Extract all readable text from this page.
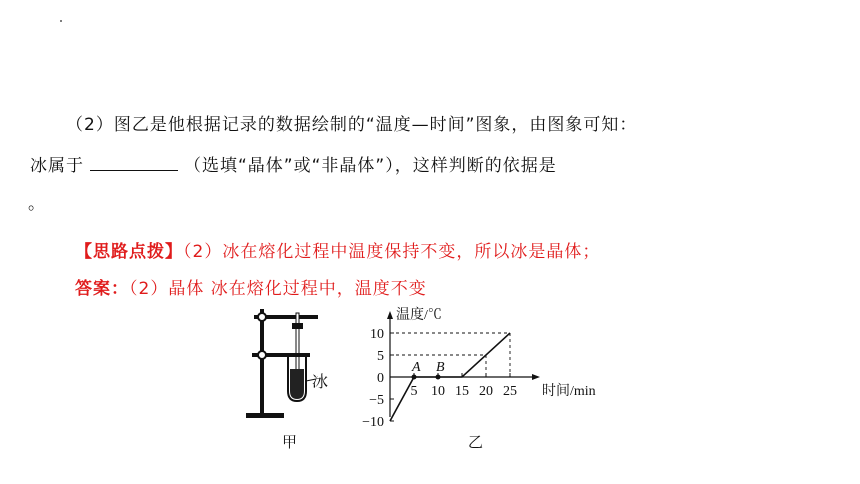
（2）图乙是他根据记录的数据绘制的“温度—时间”图象，由图象可知：
冰属于	（选填“晶体”或“非晶体”），这样判断的依据是
。
【思路点拨】（2）冰在熔化过程中温度保持不变，所以冰是晶体；
答案：（2）晶体 冰在熔化过程中，温度不变
冰
甲
温度/℃
时间/min
10
5
0
−5
−10
5 10 15 20 25
A B
乙
